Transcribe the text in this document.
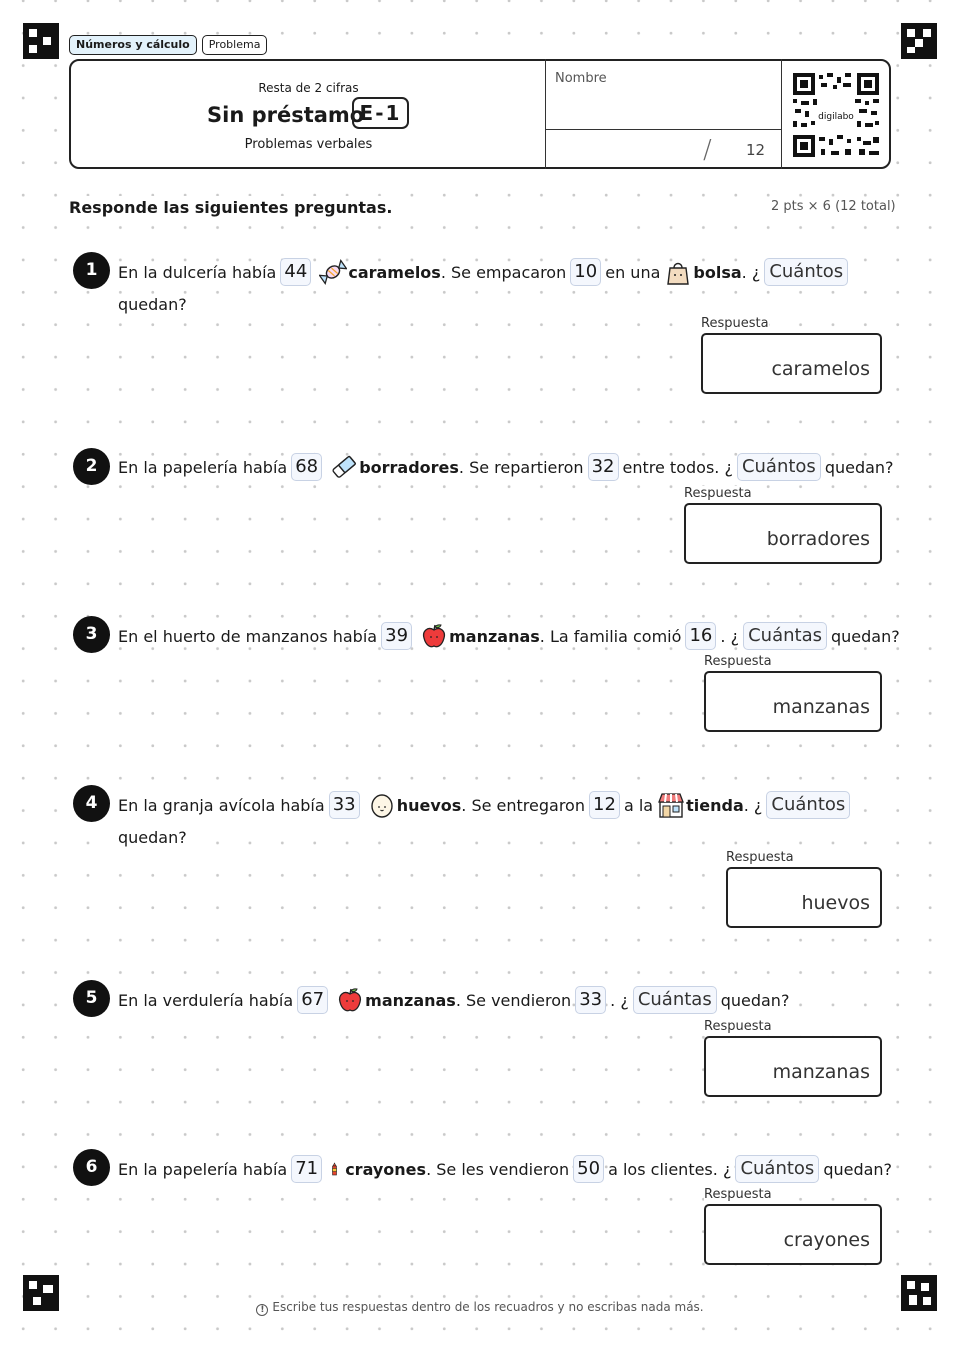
Números y cálculo	Problema
Resta de 2 cifras
Sin préstamo
E-1
Problemas verbales
Nombre
/ 12
digilabo
Responde las siguientes preguntas.	2 pts × 6 (12 total)
1	En la dulcería había 44	caramelos . Se empacaron 10 en una bolsa . ¿ Cuántos
quedan?
Respuesta
caramelos
2	En la papelería había 68	borradores . Se repartieron 32 entre todos. ¿ Cuántos quedan?
Respuesta
borradores
3	En el huerto de manzanos había 39	manzanas . La familia comió 16 . ¿ Cuántas quedan?
Respuesta
manzanas
4	En la granja avícola había 33	huevos . Se entregaron 12 a la tienda . ¿ Cuántos
quedan?
Respuesta
huevos
5	En la verdulería había 67	manzanas . Se vendieron 33 . ¿ Cuántas quedan?
Respuesta
manzanas
6	En la papelería había 71 crayones . Se les vendieron 50 a los clientes. ¿ Cuántos quedan?
Respuesta
crayones
! Escribe tus respuestas dentro de los recuadros y no escribas nada más.
